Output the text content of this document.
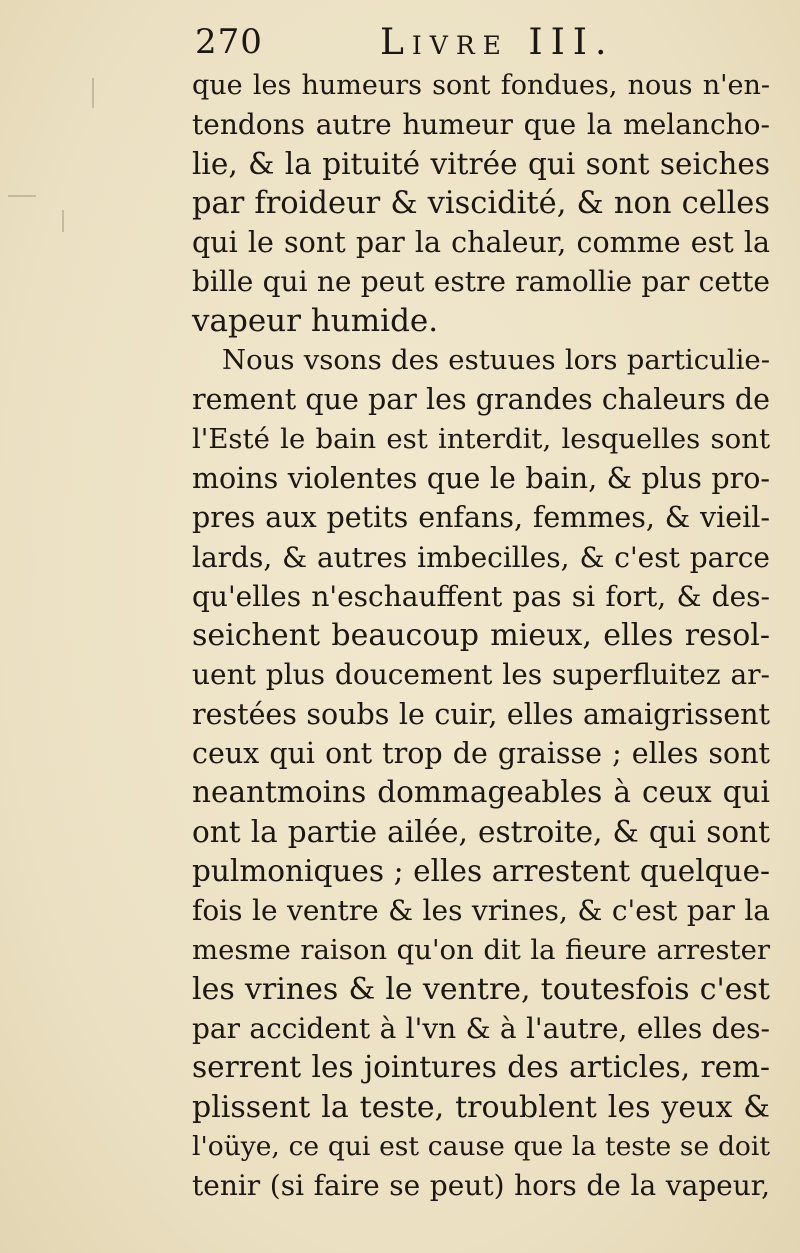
270	Livre III.
que les humeurs sont fondues, nous n'en-
tendons autre humeur que la melancho-
lie, & la pituité vitrée qui sont seiches
par froideur & viscidité, & non celles
qui le sont par la chaleur, comme est la
bille qui ne peut estre ramollie par cette
vapeur humide.
Nous vsons des estuues lors particulie-
rement que par les grandes chaleurs de
l'Esté le bain est interdit, lesquelles sont
moins violentes que le bain, & plus pro-
pres aux petits enfans, femmes, & vieil-
lards, & autres imbecilles, & c'est parce
qu'elles n'eschauffent pas si fort, & des-
seichent beaucoup mieux, elles resol-
uent plus doucement les superfluitez ar-
restées soubs le cuir, elles amaigrissent
ceux qui ont trop de graisse ; elles sont
neantmoins dommageables à ceux qui
ont la partie ailée, estroite, & qui sont
pulmoniques ; elles arrestent quelque-
fois le ventre & les vrines, & c'est par la
mesme raison qu'on dit la fieure arrester
les vrines & le ventre, toutesfois c'est
par accident à l'vn & à l'autre, elles des-
serrent les jointures des articles, rem-
plissent la teste, troublent les yeux &
l'oüye, ce qui est cause que la teste se doit
tenir (si faire se peut) hors de la vapeur,
